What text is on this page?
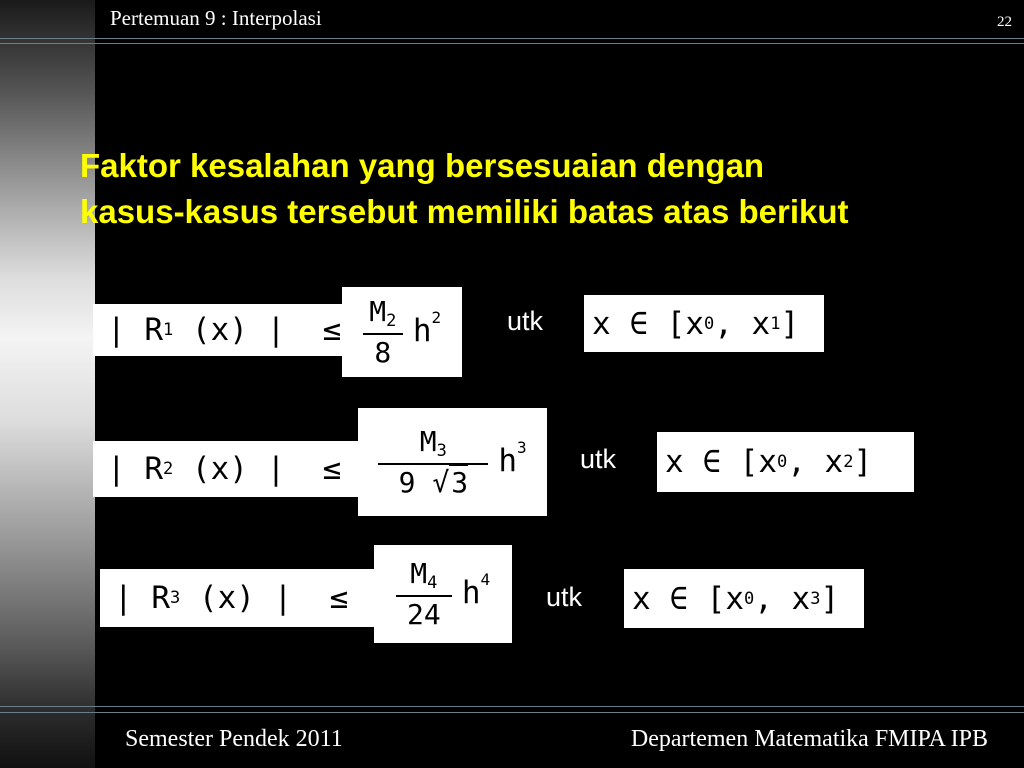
Pertemuan 9 : Interpolasi	22
Faktor kesalahan yang bersesuaian dengan
kasus-kasus tersebut memiliki batas atas berikut
| R 1 (x) |  ≤ $\frac{M_2}{8} h^2$ utk x ∈ [x 0 , x 1 ]
| R 2 (x) |  ≤ $\frac{M_3}{9 √3} h^3$ utk x ∈ [x 0 , x 2 ]
| R 3 (x) |  ≤ $\frac{M_4}{24} h^4$
utk x ∈ [x 0 , x 3 ]
Semester Pendek 2011	Departemen Matematika FMIPA IPB
